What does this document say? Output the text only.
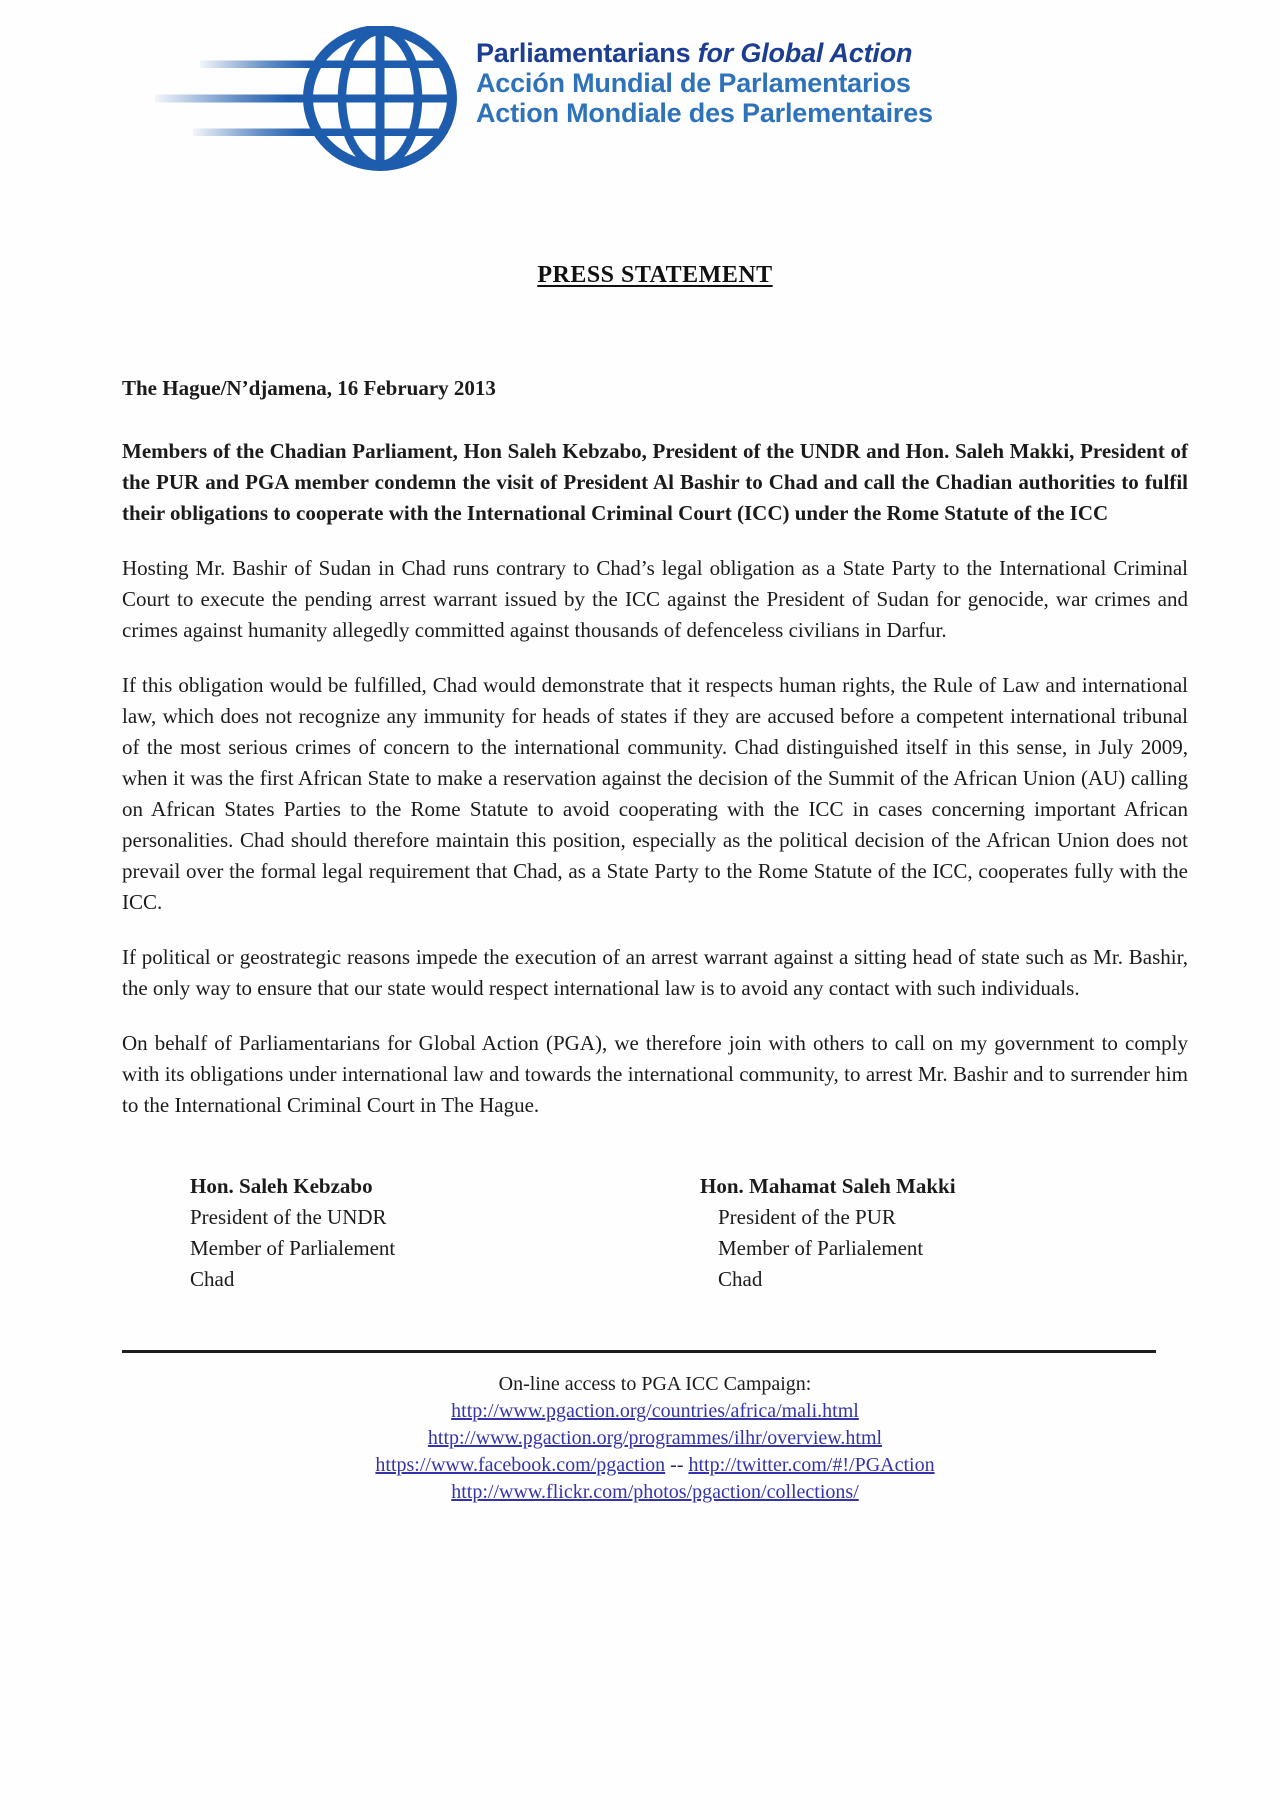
Parliamentarians for Global Action
Acción Mundial de Parlamentarios
Action Mondiale des Parlementaires
PRESS STATEMENT
The Hague/N’djamena, 16 February 2013
Members of the Chadian Parliament, Hon Saleh Kebzabo, President of the UNDR and Hon. Saleh Makki, President of the PUR and PGA member condemn the visit of President Al Bashir to Chad and call the Chadian authorities to fulfil their obligations to cooperate with the International Criminal Court (ICC) under the Rome Statute of the ICC

Hosting Mr. Bashir of Sudan in Chad runs contrary to Chad’s legal obligation as a State Party to the International Criminal Court to execute the pending arrest warrant issued by the ICC against the President of Sudan for genocide, war crimes and crimes against humanity allegedly committed against thousands of defenceless civilians in Darfur.

If this obligation would be fulfilled, Chad would demonstrate that it respects human rights, the Rule of Law and international law, which does not recognize any immunity for heads of states if they are accused before a competent international tribunal of the most serious crimes of concern to the international community. Chad distinguished itself in this sense, in July 2009, when it was the first African State to make a reservation against the decision of the Summit of the African Union (AU) calling on African States Parties to the Rome Statute to avoid cooperating with the ICC in cases concerning important African personalities. Chad should therefore maintain this position, especially as the political decision of the African Union does not prevail over the formal legal requirement that Chad, as a State Party to the Rome Statute of the ICC, cooperates fully with the ICC.

If political or geostrategic reasons impede the execution of an arrest warrant against a sitting head of state such as Mr. Bashir, the only way to ensure that our state would respect international law is to avoid any contact with such individuals.

On behalf of Parliamentarians for Global Action (PGA), we therefore join with others to call on my government to comply with its obligations under international law and towards the international community, to arrest Mr. Bashir and to surrender him to the International Criminal Court in The Hague.

Hon. Saleh Kebzabo
President of the UNDR
Member of Parlialement
Chad
Hon. Mahamat Saleh Makki
President of the PUR
Member of Parlialement
Chad
On-line access to PGA ICC Campaign:
http://www.pgaction.org/countries/africa/mali.html
http://www.pgaction.org/programmes/ilhr/overview.html
https://www.facebook.com/pgaction -- http://twitter.com/#!/PGAction
http://www.flickr.com/photos/pgaction/collections/
